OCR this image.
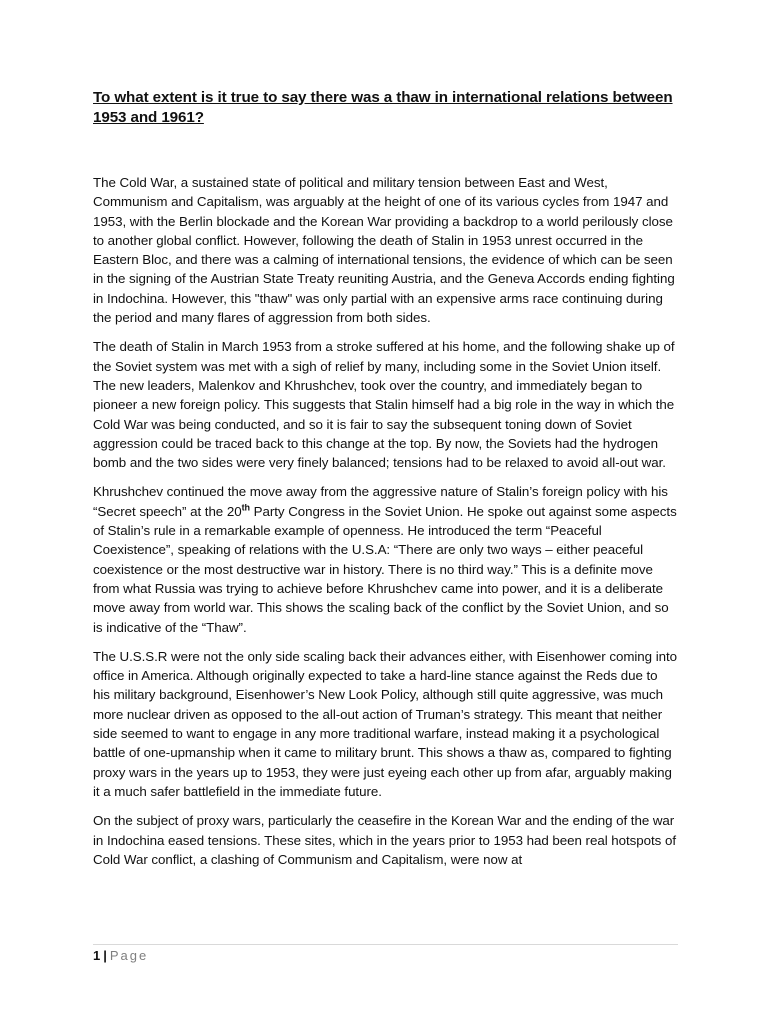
To what extent is it true to say there was a thaw in international relations between 1953 and 1961?

The Cold War, a sustained state of political and military tension between East and West, Communism and Capitalism, was arguably at the height of one of its various cycles from 1947 and 1953, with the Berlin blockade and the Korean War providing a backdrop to a world perilously close to another global conflict. However, following the death of Stalin in 1953 unrest occurred in the Eastern Bloc, and there was a calming of international tensions, the evidence of which can be seen in the signing of the Austrian State Treaty reuniting Austria, and the Geneva Accords ending fighting in Indochina. However, this "thaw" was only partial with an expensive arms race continuing during the period and many flares of aggression from both sides.

The death of Stalin in March 1953 from a stroke suffered at his home, and the following shake up of the Soviet system was met with a sigh of relief by many, including some in the Soviet Union itself. The new leaders, Malenkov and Khrushchev, took over the country, and immediately began to pioneer a new foreign policy. This suggests that Stalin himself had a big role in the way in which the Cold War was being conducted, and so it is fair to say the subsequent toning down of Soviet aggression could be traced back to this change at the top. By now, the Soviets had the hydrogen bomb and the two sides were very finely balanced; tensions had to be relaxed to avoid all-out war.

Khrushchev continued the move away from the aggressive nature of Stalin’s foreign policy with his “Secret speech” at the 20th Party Congress in the Soviet Union. He spoke out against some aspects of Stalin’s rule in a remarkable example of openness. He introduced the term “Peaceful Coexistence”, speaking of relations with the U.S.A: “There are only two ways – either peaceful coexistence or the most destructive war in history. There is no third way.” This is a definite move from what Russia was trying to achieve before Khrushchev came into power, and it is a deliberate move away from world war. This shows the scaling back of the conflict by the Soviet Union, and so is indicative of the “Thaw”.

The U.S.S.R were not the only side scaling back their advances either, with Eisenhower coming into office in America. Although originally expected to take a hard-line stance against the Reds due to his military background, Eisenhower’s New Look Policy, although still quite aggressive, was much more nuclear driven as opposed to the all-out action of Truman’s strategy. This meant that neither side seemed to want to engage in any more traditional warfare, instead making it a psychological battle of one-upmanship when it came to military brunt. This shows a thaw as, compared to fighting proxy wars in the years up to 1953, they were just eyeing each other up from afar, arguably making it a much safer battlefield in the immediate future.

On the subject of proxy wars, particularly the ceasefire in the Korean War and the ending of the war in Indochina eased tensions. These sites, which in the years prior to 1953 had been real hotspots of Cold War conflict, a clashing of Communism and Capitalism, were now at

1 | Page
